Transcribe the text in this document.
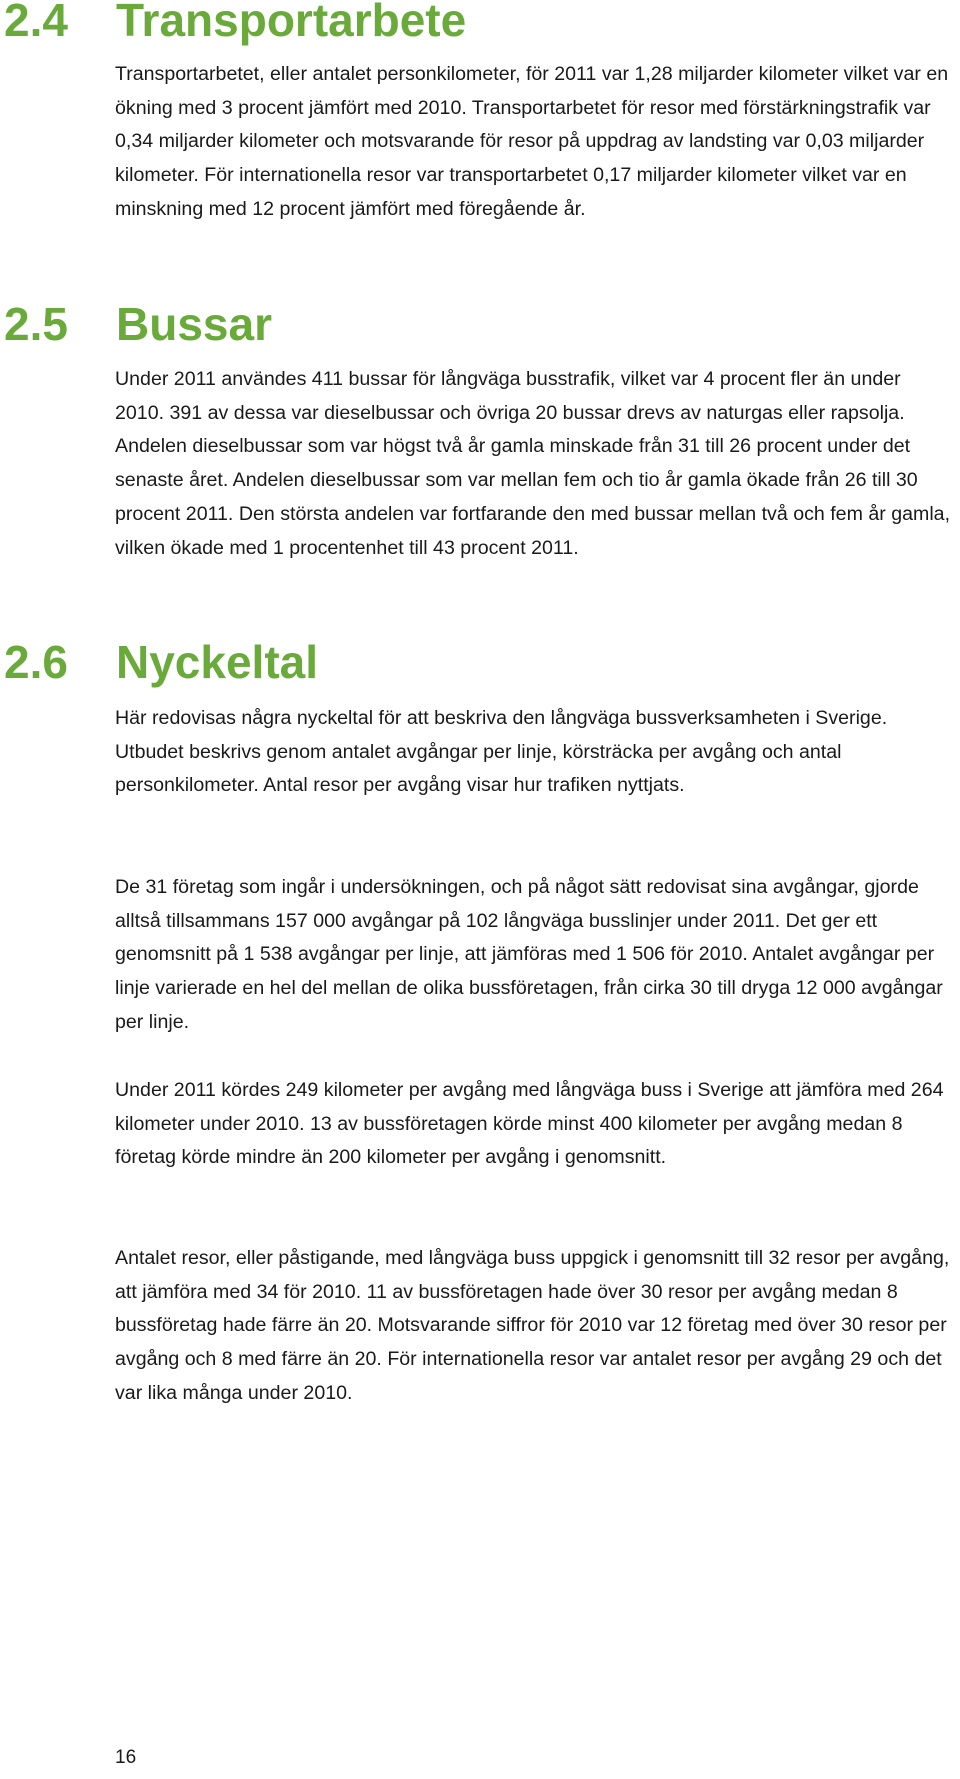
2.4 Transportarbete

Transportarbetet, eller antalet personkilometer, för 2011 var 1,28 miljarder kilometer vilket var en ökning med 3 procent jämfört med 2010. Transportarbetet för resor med förstärkningstrafik var 0,34 miljarder kilometer och motsvarande för resor på uppdrag av landsting var 0,03 miljarder kilometer. För internationella resor var transportarbetet 0,17 miljarder kilometer vilket var en minskning med 12 procent jämfört med föregående år.

2.5 Bussar

Under 2011 användes 411 bussar för långväga busstrafik, vilket var 4 procent fler än under 2010. 391 av dessa var dieselbussar och övriga 20 bussar drevs av naturgas eller rapsolja. Andelen dieselbussar som var högst två år gamla minskade från 31 till 26 procent under det senaste året. Andelen dieselbussar som var mellan fem och tio år gamla ökade från 26 till 30 procent 2011. Den största andelen var fortfarande den med bussar mellan två och fem år gamla, vilken ökade med 1 procentenhet till 43 procent 2011.

2.6 Nyckeltal

Här redovisas några nyckeltal för att beskriva den långväga bussverksamheten i Sverige. Utbudet beskrivs genom antalet avgångar per linje, körsträcka per avgång och antal personkilometer. Antal resor per avgång visar hur trafiken nyttjats.

De 31 företag som ingår i undersökningen, och på något sätt redovisat sina avgångar, gjorde alltså tillsammans 157 000 avgångar på 102 långväga busslinjer under 2011. Det ger ett genomsnitt på 1 538 avgångar per linje, att jämföras med 1 506 för 2010. Antalet avgångar per linje varierade en hel del mellan de olika bussföretagen, från cirka 30 till dryga 12 000 avgångar per linje.

Under 2011 kördes 249 kilometer per avgång med långväga buss i Sverige att jämföra med 264 kilometer under 2010. 13 av bussföretagen körde minst 400 kilometer per avgång medan 8 företag körde mindre än 200 kilometer per avgång i genomsnitt.

Antalet resor, eller påstigande, med långväga buss uppgick i genomsnitt till 32 resor per avgång, att jämföra med 34 för 2010. 11 av bussföretagen hade över 30 resor per avgång medan 8 bussföretag hade färre än 20. Motsvarande siffror för 2010 var 12 företag med över 30 resor per avgång och 8 med färre än 20. För internationella resor var antalet resor per avgång 29 och det var lika många under 2010.

16
